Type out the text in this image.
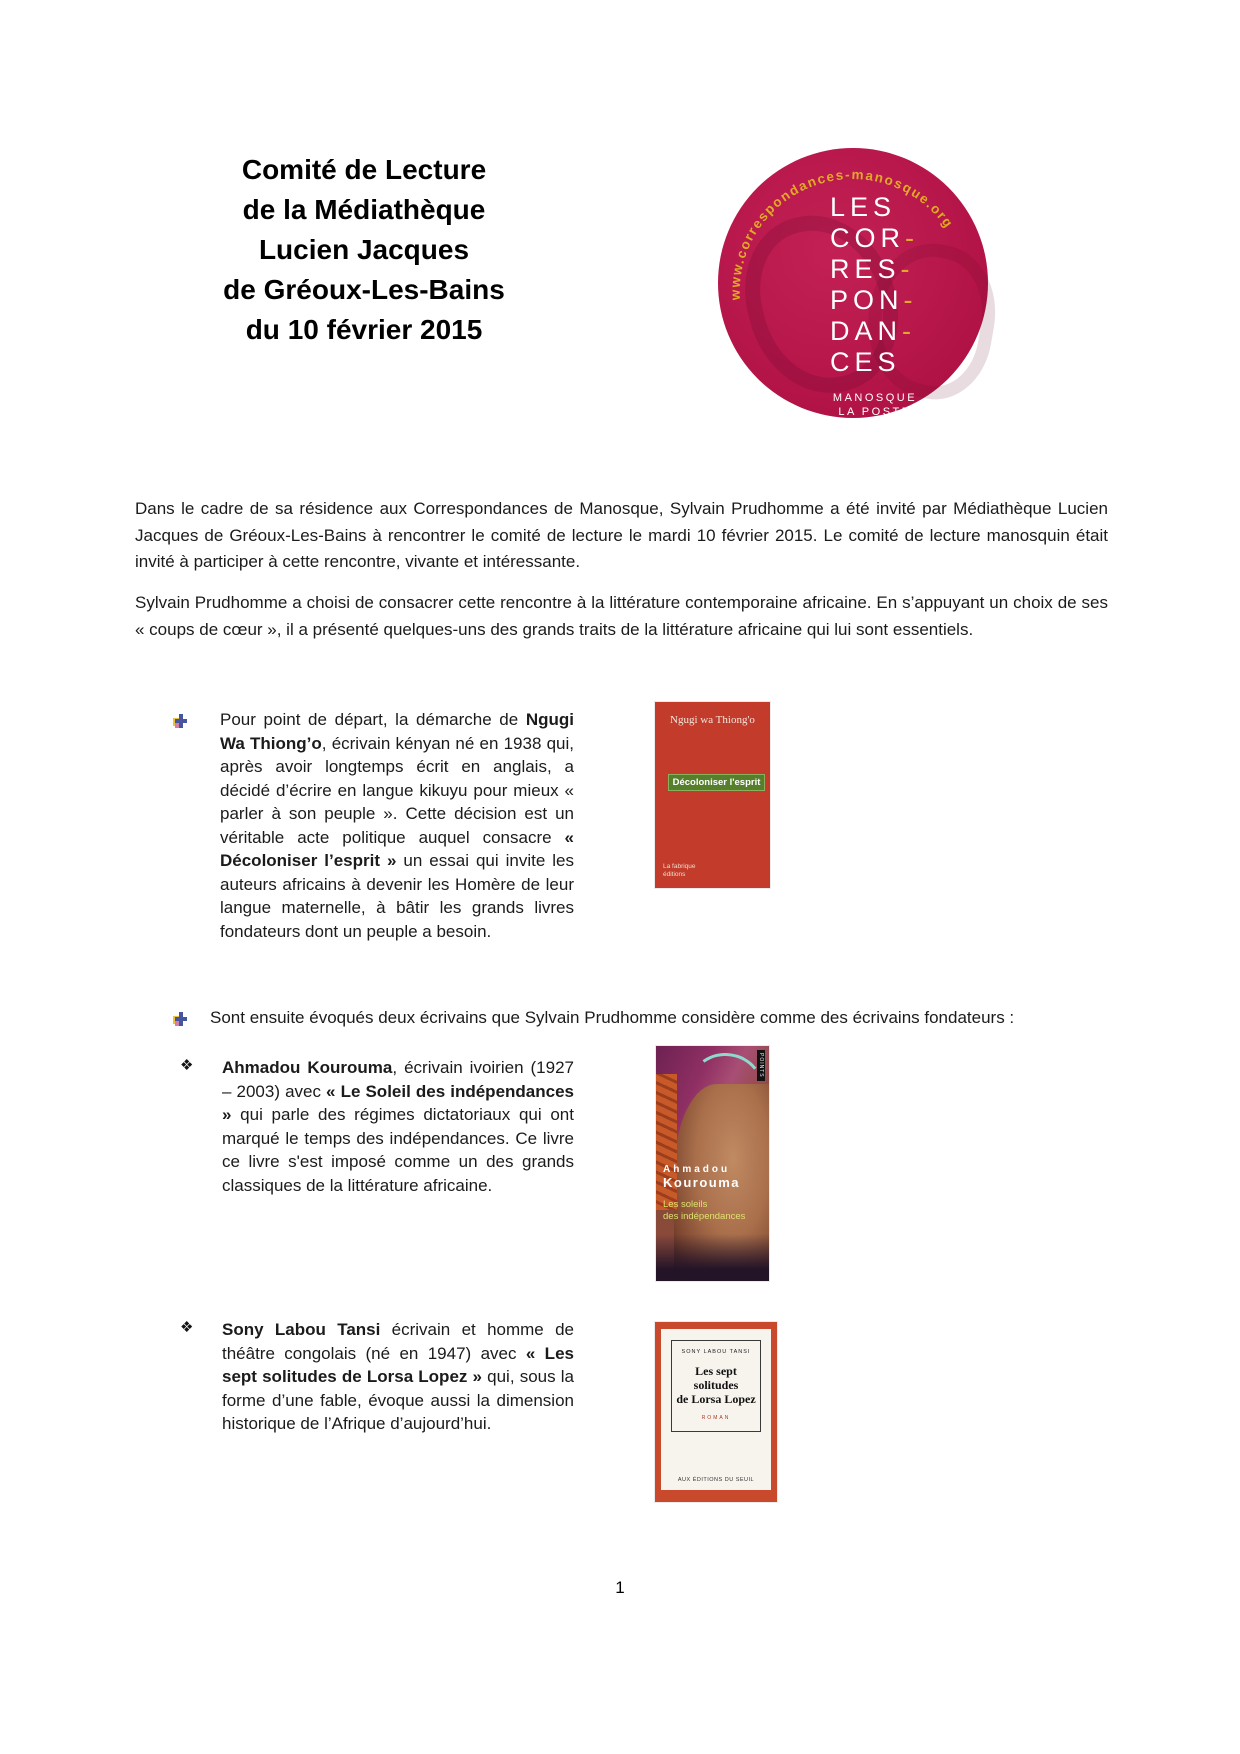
Comité de Lecture
de la Médiathèque
Lucien Jacques
de Gréoux-Les-Bains
du 10 février 2015
www.correspondances-manosque.org
LES
COR-
RES-
PON-
DAN-
CES
MANOSQUE
LA POSTE

Dans le cadre de sa résidence aux Correspondances de Manosque, Sylvain Prudhomme a été invité par Médiathèque Lucien Jacques de Gréoux-Les-Bains à rencontrer le comité de lecture le mardi 10 février 2015. Le comité de lecture manosquin était invité à participer à cette rencontre, vivante et intéressante.

Sylvain Prudhomme a choisi de consacrer cette rencontre à la littérature contemporaine africaine. En s’appuyant un choix de ses « coups de cœur », il a présenté quelques-uns des grands traits de la littérature africaine qui lui sont essentiels.

Pour point de départ, la démarche de Ngugi Wa Thiong’o, écrivain kényan né en 1938 qui, après avoir longtemps écrit en anglais, a décidé d’écrire en langue kikuyu pour mieux « parler à son peuple ». Cette décision est un véritable acte politique auquel consacre « Décoloniser l’esprit » un essai qui invite les auteurs africains à devenir les Homère de leur langue maternelle, à bâtir les grands livres fondateurs dont un peuple a besoin.

Ngugi wa Thiong'o
Décoloniser l'esprit
La fabrique
éditions

Sont ensuite évoqués deux écrivains que Sylvain Prudhomme considère comme des écrivains fondateurs :

❖

Ahmadou Kourouma, écrivain ivoirien (1927 – 2003) avec « Le Soleil des indépendances » qui parle des régimes dictatoriaux qui ont marqué le temps des indépendances. Ce livre ce livre s'est imposé comme un des grands classiques de la littérature africaine.

POINTS
Ahmadou
Kourouma
Les soleils
des indépendances
❖

Sony Labou Tansi écrivain et homme de théâtre congolais (né en 1947) avec « Les sept solitudes de Lorsa Lopez » qui, sous la forme d’une fable, évoque aussi la dimension historique de l’Afrique d’aujourd’hui.

SONY LABOU TANSI
Les sept solitudes
de Lorsa Lopez
ROMAN
AUX ÉDITIONS DU SEUIL
1
